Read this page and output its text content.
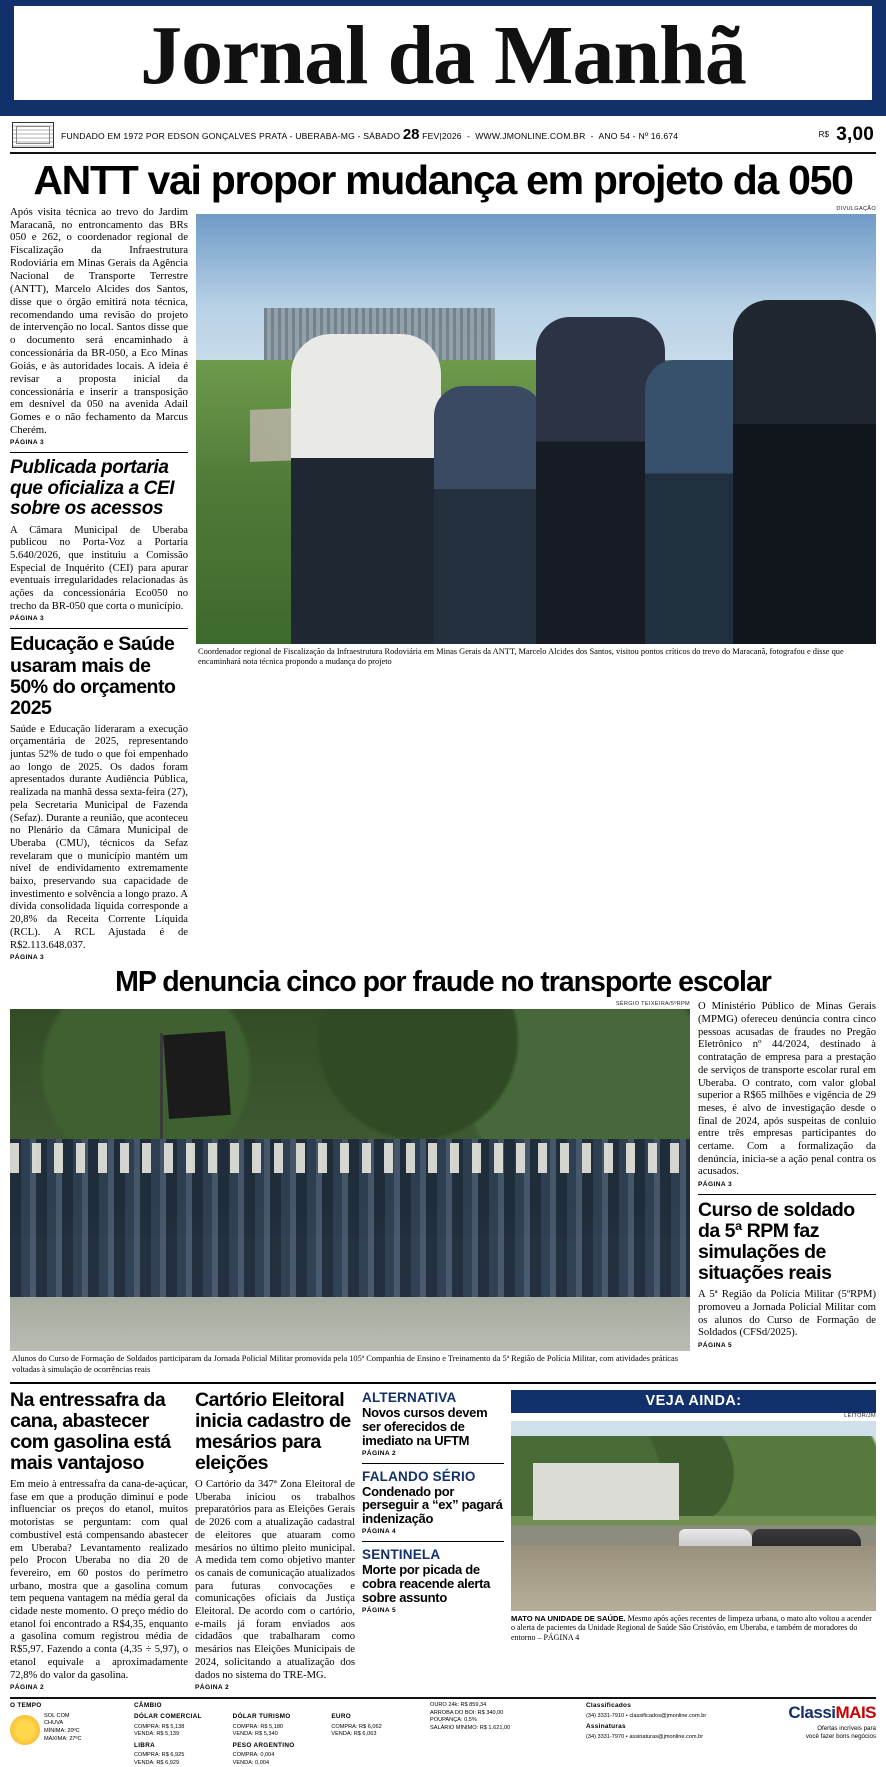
Jornal da Manhã
FUNDADO EM 1972 POR EDSON GONÇALVES PRATA - UBERABA-MG - SÁBADO 28 FEV|2026  -  WWW.JMONLINE.COM.BR  -  ANO 54 - Nº 16.674	R$ 3,00
ANTT vai propor mudança em projeto da 050
Após visita técnica ao trevo do Jardim Maracanã, no entroncamento das BRs 050 e 262, o coordenador regional de Fiscalização da Infraestrutura Rodoviária em Minas Gerais da Agência Nacional de Transporte Terrestre (ANTT), Marcelo Alcides dos Santos, disse que o órgão emitirá nota técnica, recomendando uma revisão do projeto de intervenção no local. Santos disse que o documento será encaminhado à concessionária da BR-050, a Eco Minas Goiás, e às autoridades locais. A ideia é revisar a proposta inicial da concessionária e inserir a transposição em desnível da 050 na avenida Adail Gomes e o não fechamento da Marcus Cherém.
PÁGINA 3
Publicada portaria que oficializa a CEI sobre os acessos
A Câmara Municipal de Uberaba publicou no Porta-Voz a Portaria 5.640/2026, que instituiu a Comissão Especial de Inquérito (CEI) para apurar eventuais irregularidades relacionadas às ações da concessionária Eco050 no trecho da BR-050 que corta o município.
PÁGINA 3
Educação e Saúde usaram mais de 50% do orçamento 2025
Saúde e Educação lideraram a execução orçamentária de 2025, representando juntas 52% de tudo o que foi empenhado ao longo de 2025. Os dados foram apresentados durante Audiência Pública, realizada na manhã dessa sexta-feira (27), pela Secretaria Municipal de Fazenda (Sefaz). Durante a reunião, que aconteceu no Plenário da Câmara Municipal de Uberaba (CMU), técnicos da Sefaz revelaram que o município mantém um nível de endividamento extremamente baixo, preservando sua capacidade de investimento e solvência a longo prazo. A dívida consolidada líquida corresponde a 20,8% da Receita Corrente Líquida (RCL). A RCL Ajustada é de R$2.113.648.037.
PÁGINA 3
DIVULGAÇÃO
Coordenador regional de Fiscalização da Infraestrutura Rodoviária em Minas Gerais da ANTT, Marcelo Alcides dos Santos, visitou pontos críticos do trevo do Maracanã, fotografou e disse que encaminhará nota técnica propondo a mudança do projeto
MP denuncia cinco por fraude no transporte escolar
SÉRGIO TEIXEIRA/5ºRPM
Alunos do Curso de Formação de Soldados participaram da Jornada Policial Militar promovida pela 105ª Companhia de Ensino e Treinamento da 5ª Região de Polícia Militar, com atividades práticas voltadas à simulação de ocorrências reais
O Ministério Público de Minas Gerais (MPMG) ofereceu denúncia contra cinco pessoas acusadas de fraudes no Pregão Eletrônico nº 44/2024, destinado à contratação de empresa para a prestação de serviços de transporte escolar rural em Uberaba. O contrato, com valor global superior a R$65 milhões e vigência de 29 meses, é alvo de investigação desde o final de 2024, após suspeitas de conluio entre três empresas participantes do certame. Com a formalização da denúncia, inicia-se a ação penal contra os acusados.
PÁGINA 3
Curso de soldado da 5ª RPM faz simulações de situações reais
A 5ª Região da Polícia Militar (5ºRPM) promoveu a Jornada Policial Militar com os alunos do Curso de Formação de Soldados (CFSd/2025).
PÁGINA 5
Na entressafra da cana, abastecer com gasolina está mais vantajoso
Em meio à entressafra da cana-de-açúcar, fase em que a produção diminui e pode influenciar os preços do etanol, muitos motoristas se perguntam: com qual combustível está compensando abastecer em Uberaba? Levantamento realizado pelo Procon Uberaba no dia 20 de fevereiro, em 60 postos do perímetro urbano, mostra que a gasolina comum tem pequena vantagem na média geral da cidade neste momento. O preço médio do etanol foi encontrado a R$4,35, enquanto a gasolina comum registrou média de R$5,97. Fazendo a conta (4,35 ÷ 5,97), o etanol equivale a aproximadamente 72,8% do valor da gasolina.
PÁGINA 2
Cartório Eleitoral inicia cadastro de mesários para eleições
O Cartório da 347ª Zona Eleitoral de Uberaba iniciou os trabalhos preparatórios para as Eleições Gerais de 2026 com a atualização cadastral de eleitores que atuaram como mesários no último pleito municipal. A medida tem como objetivo manter os canais de comunicação atualizados para futuras convocações e comunicações oficiais da Justiça Eleitoral. De acordo com o cartório, e-mails já foram enviados aos cidadãos que trabalharam como mesários nas Eleições Municipais de 2024, solicitando a atualização dos dados no sistema do TRE-MG.
PÁGINA 2
ALTERNATIVA
Novos cursos devem ser oferecidos de imediato na UFTM
PÁGINA 2
FALANDO SÉRIO
Condenado por perseguir a “ex” pagará indenização
PÁGINA 4
SENTINELA
Morte por picada de cobra reacende alerta sobre assunto
PÁGINA 5
VEJA AINDA:
LEITOR/JM
MATO NA UNIDADE DE SAÚDE. Mesmo após ações recentes de limpeza urbana, o mato alto voltou a acender o alerta de pacientes da Unidade Regional de Saúde São Cristóvão, em Uberaba, e também de moradores do entorno – PÁGINA 4
O TEMPO
SOL COM
CHUVA
MÍNIMA: 20ºC
MÁXIMA: 27ºC
CÂMBIO
DÓLAR COMERCIAL
COMPRA: R$ 5,138
VENDA: R$ 5,139
LIBRA
COMPRA: R$ 6,925
VENDA: R$ 6,929
DÓLAR TURISMO
COMPRA: R$ 5,180
VENDA: R$ 5,340
PESO ARGENTINO
COMPRA: 0,004
VENDA: 0,004
EURO
COMPRA: R$ 6,062
VENDA: R$ 6,063
OURO 24k: R$ 859,34
ARROBA DO BOI: R$ 340,00
POUPANÇA: 0,5%
SALÁRIO MÍNIMO: R$ 1.621,00
Classificados
(34) 3331-7910 • classificados@jmonline.com.br
Assinaturas
(34) 3331-7970 • assinaturas@jmonline.com.br
ClassiMAIS
Ofertas incríveis para
você fazer bons negócios
